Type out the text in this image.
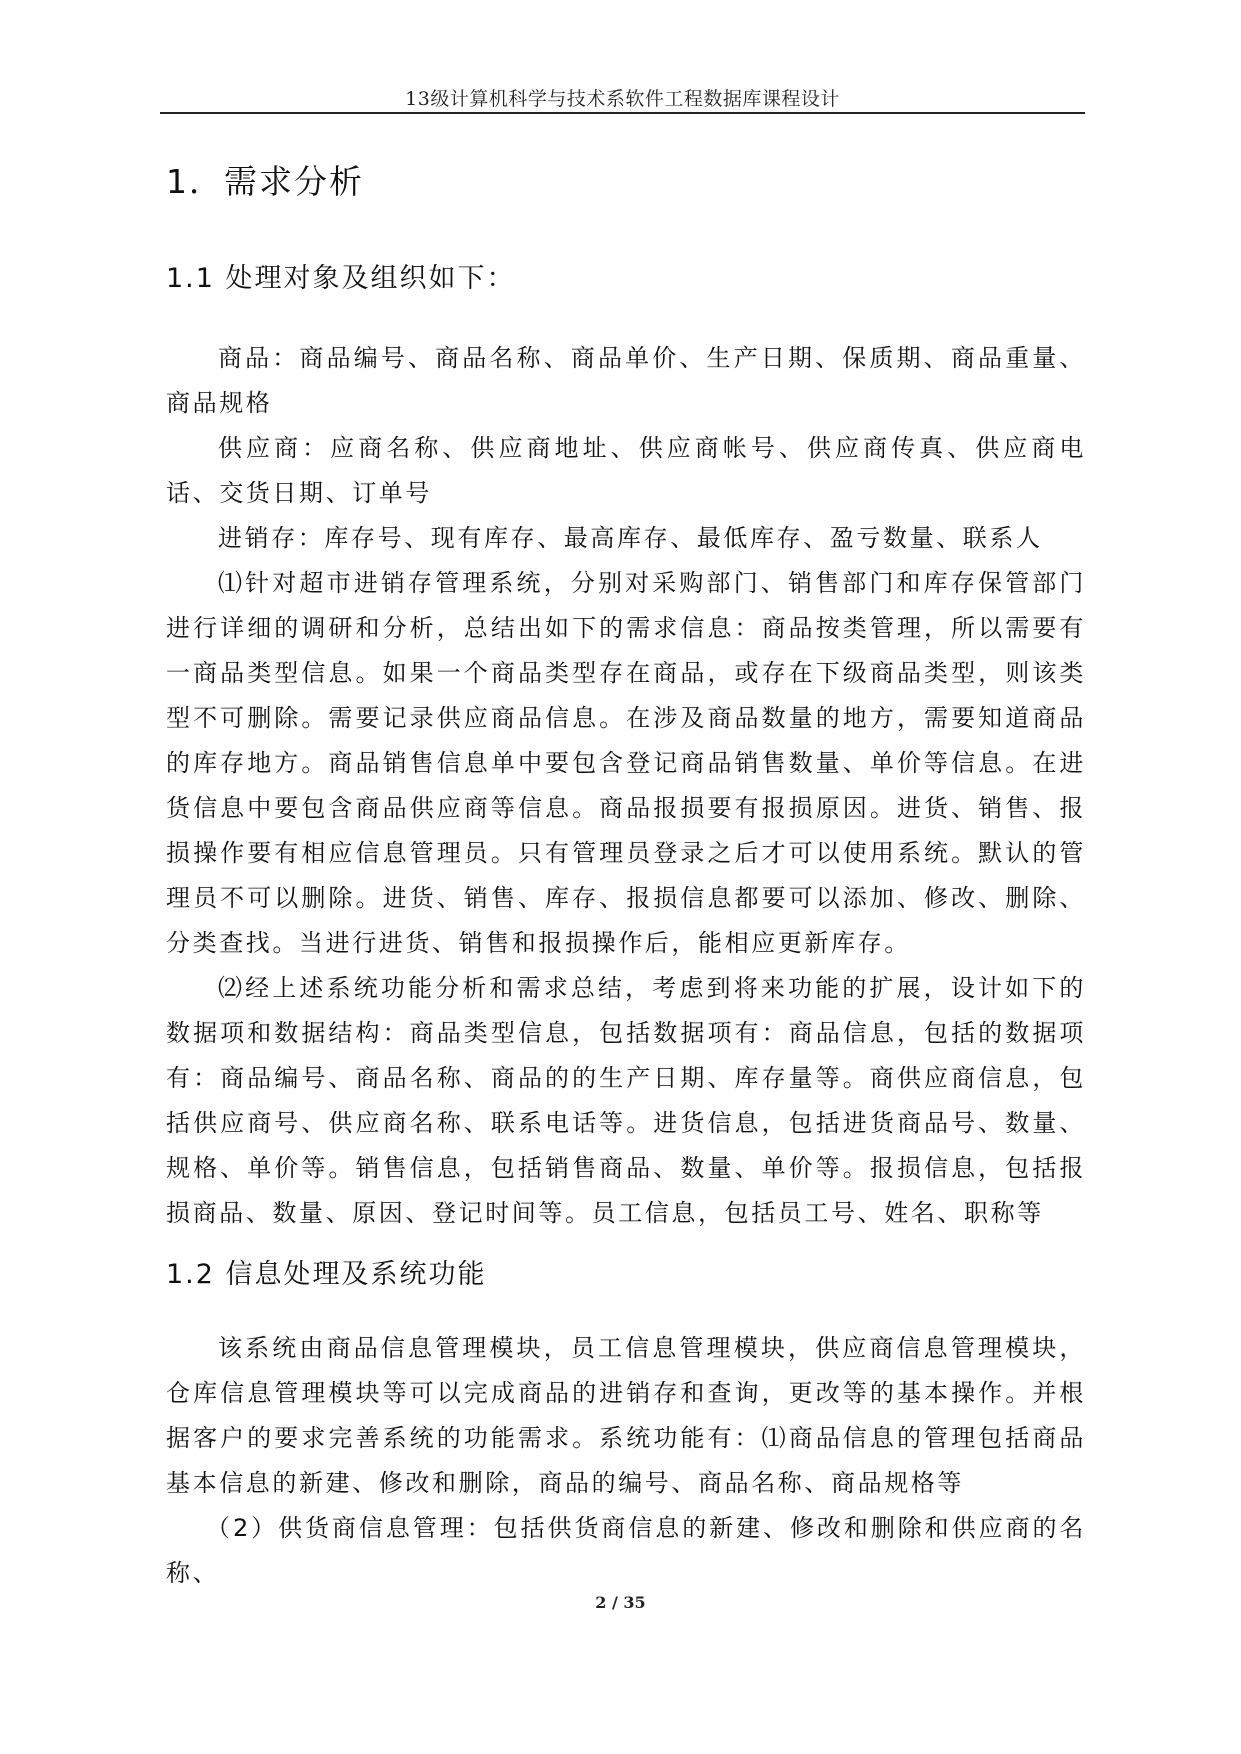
13级计算机科学与技术系软件工程数据库课程设计
1．需求分析
1.1 处理对象及组织如下：

商品：商品编号、商品名称、商品单价、生产日期、保质期、商品重量、商品规格

供应商：应商名称、供应商地址、供应商帐号、供应商传真、供应商电话、交货日期、订单号

进销存：库存号、现有库存、最高库存、最低库存、盈亏数量、联系人

⑴针对超市进销存管理系统，分别对采购部门、销售部门和库存保管部门进行详细的调研和分析，总结出如下的需求信息：商品按类管理，所以需要有一商品类型信息。如果一个商品类型存在商品，或存在下级商品类型，则该类型不可删除。需要记录供应商品信息。在涉及商品数量的地方，需要知道商品的库存地方。商品销售信息单中要包含登记商品销售数量、单价等信息。在进货信息中要包含商品供应商等信息。商品报损要有报损原因。进货、销售、报损操作要有相应信息管理员。只有管理员登录之后才可以使用系统。默认的管理员不可以删除。进货、销售、库存、报损信息都要可以添加、修改、删除、分类查找。当进行进货、销售和报损操作后，能相应更新库存。

⑵经上述系统功能分析和需求总结，考虑到将来功能的扩展，设计如下的数据项和数据结构：商品类型信息，包括数据项有：商品信息，包括的数据项有：商品编号、商品名称、商品的的生产日期、库存量等。商供应商信息，包括供应商号、供应商名称、联系电话等。进货信息，包括进货商品号、数量、规格、单价等。销售信息，包括销售商品、数量、单价等。报损信息，包括报损商品、数量、原因、登记时间等。员工信息，包括员工号、姓名、职称等

1.2 信息处理及系统功能

该系统由商品信息管理模块，员工信息管理模块，供应商信息管理模块，仓库信息管理模块等可以完成商品的进销存和查询，更改等的基本操作。并根据客户的要求完善系统的功能需求。系统功能有：⑴商品信息的管理包括商品基本信息的新建、修改和删除，商品的编号、商品名称、商品规格等

（2）供货商信息管理：包括供货商信息的新建、修改和删除和供应商的名称、

2 / 35
